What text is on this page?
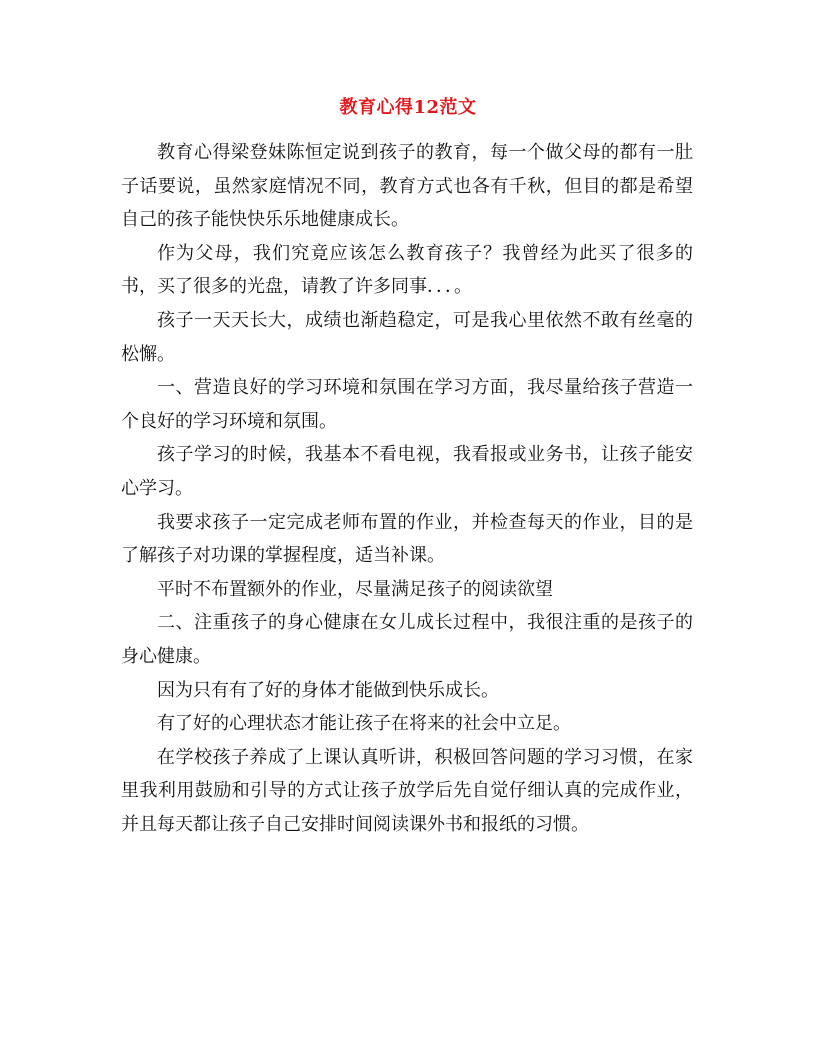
教育心得12范文

教育心得梁登妹陈恒定说到孩子的教育，每一个做父母的都有一肚子话要说，虽然家庭情况不同，教育方式也各有千秋，但目的都是希望自己的孩子能快快乐乐地健康成长。

作为父母，我们究竟应该怎么教育孩子？我曾经为此买了很多的书，买了很多的光盘，请教了许多同事．．．。

孩子一天天长大，成绩也渐趋稳定，可是我心里依然不敢有丝毫的松懈。

一、营造良好的学习环境和氛围在学习方面，我尽量给孩子营造一个良好的学习环境和氛围。

孩子学习的时候，我基本不看电视，我看报或业务书，让孩子能安心学习。

我要求孩子一定完成老师布置的作业，并检查每天的作业，目的是了解孩子对功课的掌握程度，适当补课。

平时不布置额外的作业，尽量满足孩子的阅读欲望

二、注重孩子的身心健康在女儿成长过程中，我很注重的是孩子的身心健康。

因为只有有了好的身体才能做到快乐成长。

有了好的心理状态才能让孩子在将来的社会中立足。

在学校孩子养成了上课认真听讲，积极回答问题的学习习惯，在家里我利用鼓励和引导的方式让孩子放学后先自觉仔细认真的完成作业，并且每天都让孩子自己安排时间阅读课外书和报纸的习惯。
